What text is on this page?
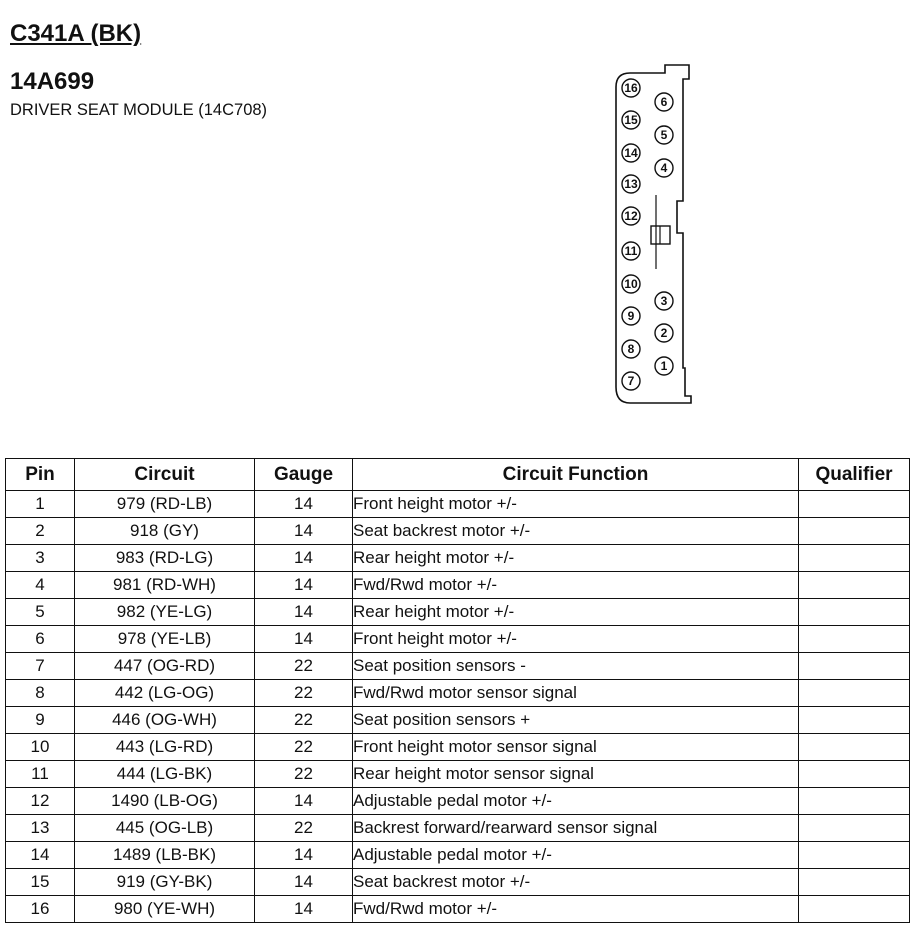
C341A (BK)
14A699

DRIVER SEAT MODULE (14C708)

16
15
14
13
12
11
10
9
8
7
6
5
4
3
2
1
Pin	Circuit	Gauge	Circuit Function	Qualifier
1	979 (RD-LB)	14	Front height motor +/-	
2	918 (GY)	14	Seat backrest motor +/-	
3	983 (RD-LG)	14	Rear height motor +/-	
4	981 (RD-WH)	14	Fwd/Rwd motor +/-	
5	982 (YE-LG)	14	Rear height motor +/-	
6	978 (YE-LB)	14	Front height motor +/-	
7	447 (OG-RD)	22	Seat position sensors -	
8	442 (LG-OG)	22	Fwd/Rwd motor sensor signal	
9	446 (OG-WH)	22	Seat position sensors +	
10	443 (LG-RD)	22	Front height motor sensor signal	
11	444 (LG-BK)	22	Rear height motor sensor signal	
12	1490 (LB-OG)	14	Adjustable pedal motor +/-	
13	445 (OG-LB)	22	Backrest forward/rearward sensor signal	
14	1489 (LB-BK)	14	Adjustable pedal motor +/-	
15	919 (GY-BK)	14	Seat backrest motor +/-	
16	980 (YE-WH)	14	Fwd/Rwd motor +/-	
